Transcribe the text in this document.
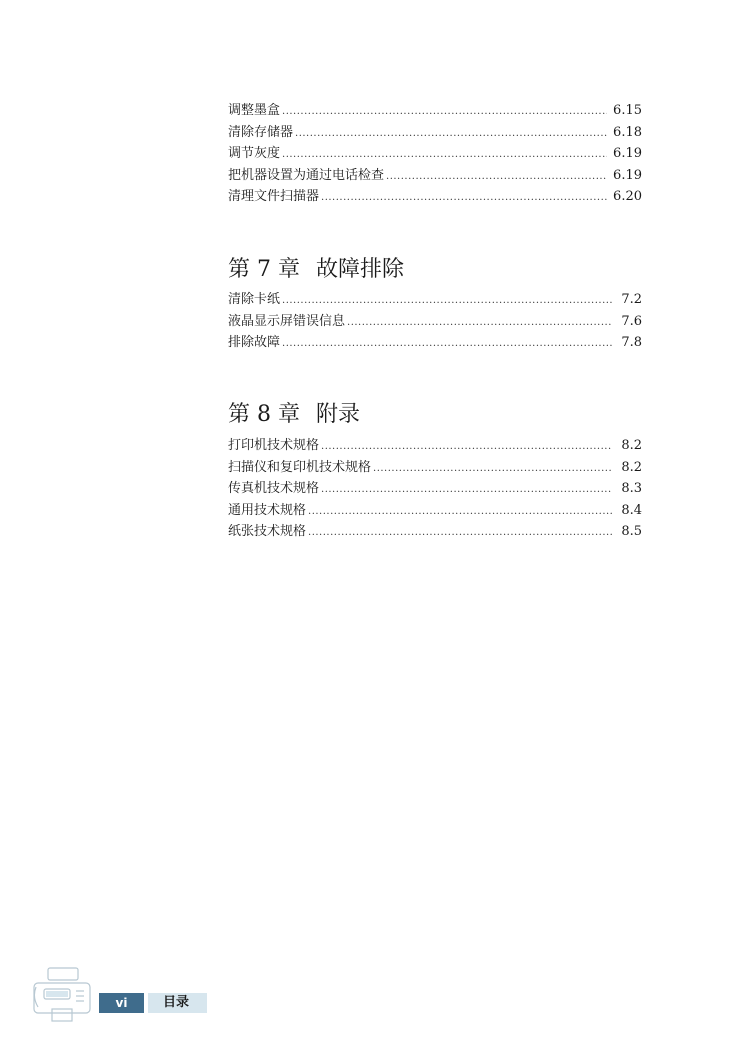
调整墨盒 .....	6.15
清除存储器 .....	6.18
调节灰度 .....	6.19
把机器设置为通过电话检查 .....	6.19
清理文件扫描器 .....	6.20
第 7 章 故障排除
清除卡纸 .....	7.2
液晶显示屏错误信息 .....	7.6
排除故障 .....	7.8
第 8 章 附录
打印机技术规格 .....	8.2
扫描仪和复印机技术规格 .....	8.2
传真机技术规格 .....	8.3
通用技术规格 .....	8.4
纸张技术规格 .....	8.5
vi	目录
